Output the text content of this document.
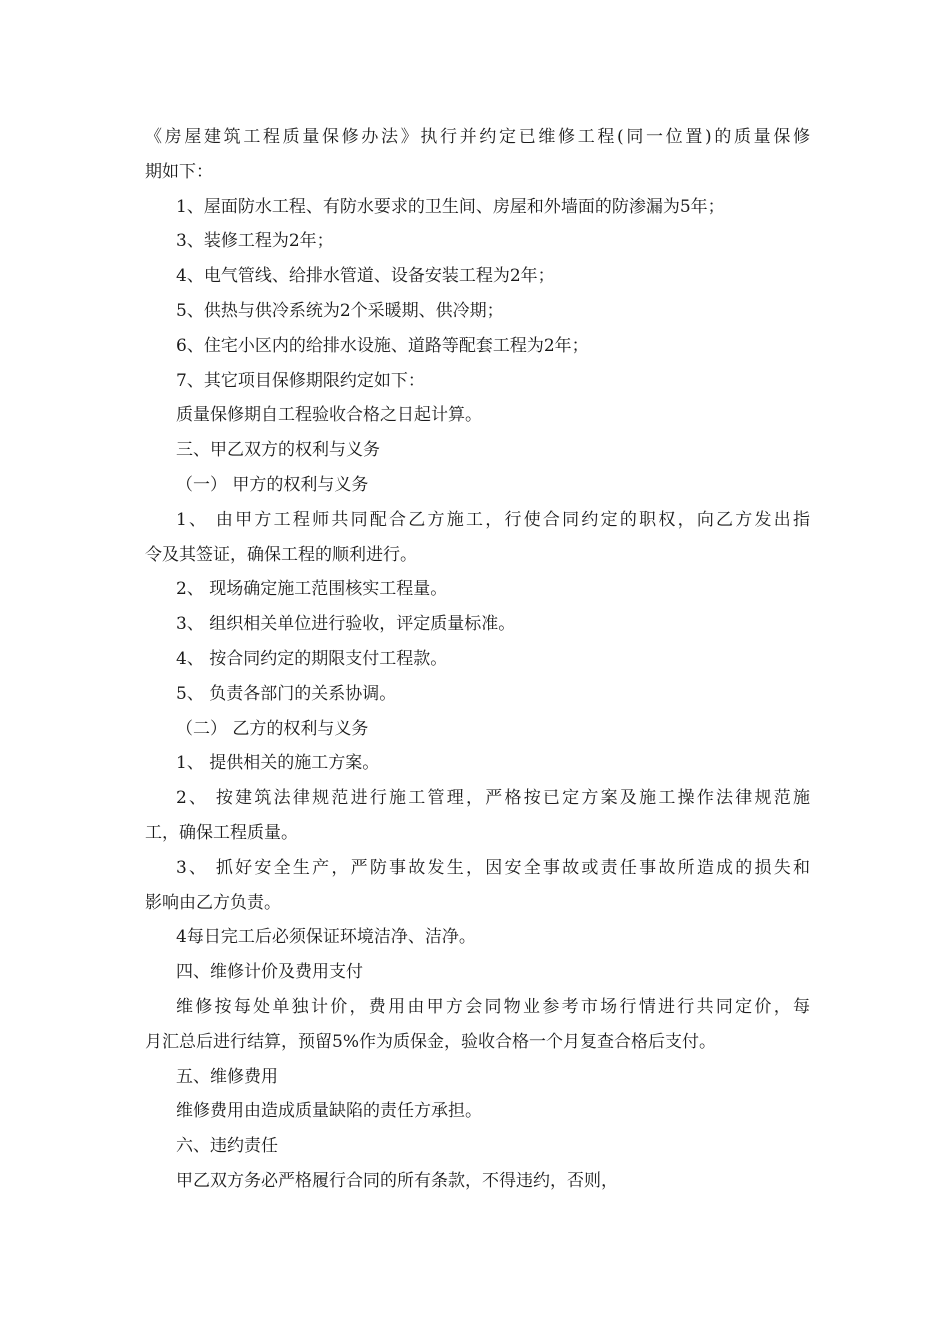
《房屋建筑工程质量保修办法》执行并约定已维修工程(同一位置)的质量保修
期如下：
1、屋面防水工程、有防水要求的卫生间、房屋和外墙面的防渗漏为5年；
3、装修工程为2年；
4、电气管线、给排水管道、设备安装工程为2年；
5、供热与供冷系统为2个采暖期、供冷期；
6、住宅小区内的给排水设施、道路等配套工程为2年；
7、其它项目保修期限约定如下：
质量保修期自工程验收合格之日起计算。
三、甲乙双方的权利与义务
（一） 甲方的权利与义务
1、 由甲方工程师共同配合乙方施工，行使合同约定的职权，向乙方发出指
令及其签证，确保工程的顺利进行。
2、 现场确定施工范围核实工程量。
3、 组织相关单位进行验收，评定质量标准。
4、 按合同约定的期限支付工程款。
5、 负责各部门的关系协调。
（二） 乙方的权利与义务
1、 提供相关的施工方案。
2、 按建筑法律规范进行施工管理，严格按已定方案及施工操作法律规范施
工，确保工程质量。
3、 抓好安全生产，严防事故发生，因安全事故或责任事故所造成的损失和
影响由乙方负责。
4每日完工后必须保证环境洁净、洁净。
四、维修计价及费用支付
维修按每处单独计价，费用由甲方会同物业参考市场行情进行共同定价，每
月汇总后进行结算，预留5%作为质保金，验收合格一个月复查合格后支付。
五、维修费用
维修费用由造成质量缺陷的责任方承担。
六、违约责任
甲乙双方务必严格履行合同的所有条款，不得违约，否则，
